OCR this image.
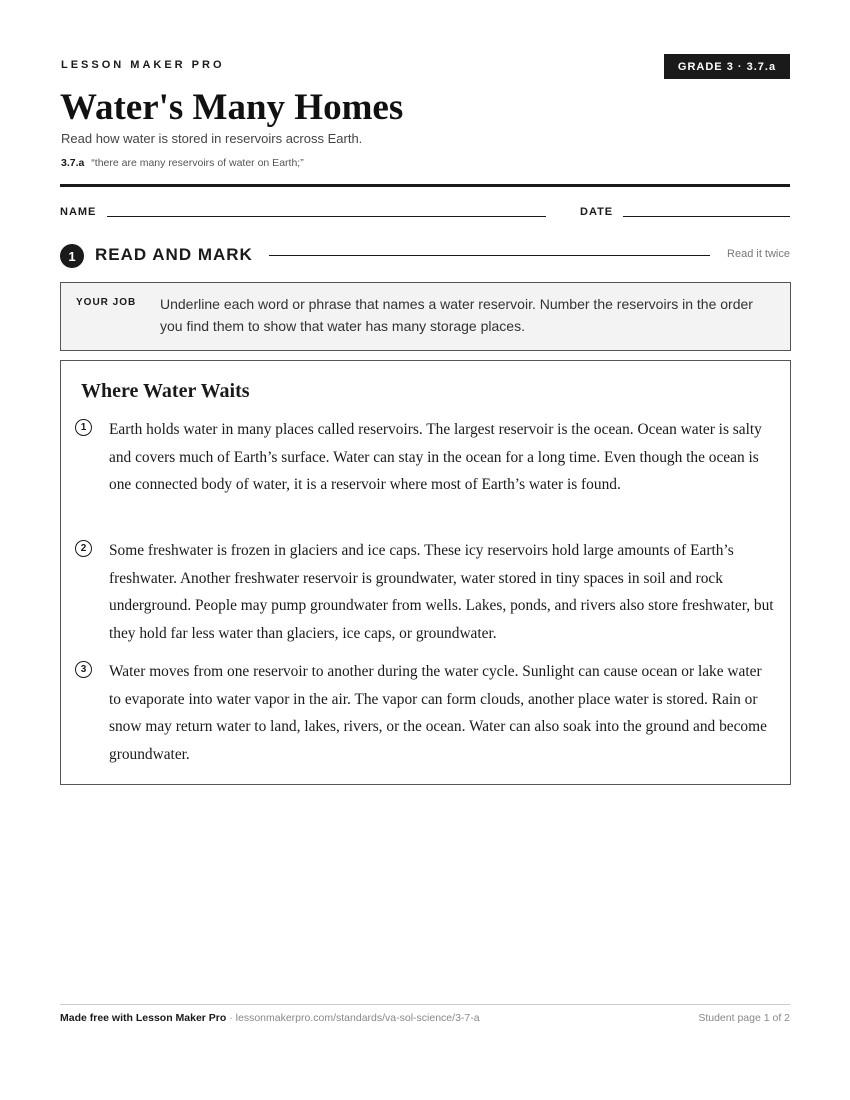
LESSON MAKER PRO	GRADE 3 · 3.7.a
Water's Many Homes
Read how water is stored in reservoirs across Earth.
3.7.a “there are many reservoirs of water on Earth;”
NAME	DATE
1	READ AND MARK	Read it twice
YOUR JOB Underline each word or phrase that names a water reservoir. Number the reservoirs in the order you find them to show that water has many storage places.
Where Water Waits
1	Earth holds water in many places called reservoirs. The largest reservoir is the ocean. Ocean water is salty and covers much of Earth’s surface. Water can stay in the ocean for a long time. Even though the ocean is one connected body of water, it is a reservoir where most of Earth’s water is found.
2	Some freshwater is frozen in glaciers and ice caps. These icy reservoirs hold large amounts of Earth’s freshwater. Another freshwater reservoir is groundwater, water stored in tiny spaces in soil and rock underground. People may pump groundwater from wells. Lakes, ponds, and rivers also store freshwater, but they hold far less water than glaciers, ice caps, or groundwater.
3	Water moves from one reservoir to another during the water cycle. Sunlight can cause ocean or lake water to evaporate into water vapor in the air. The vapor can form clouds, another place water is stored. Rain or snow may return water to land, lakes, rivers, or the ocean. Water can also soak into the ground and become groundwater.
Made free with Lesson Maker Pro · lessonmakerpro.com/standards/va-sol-science/3-7-a	Student page 1 of 2
